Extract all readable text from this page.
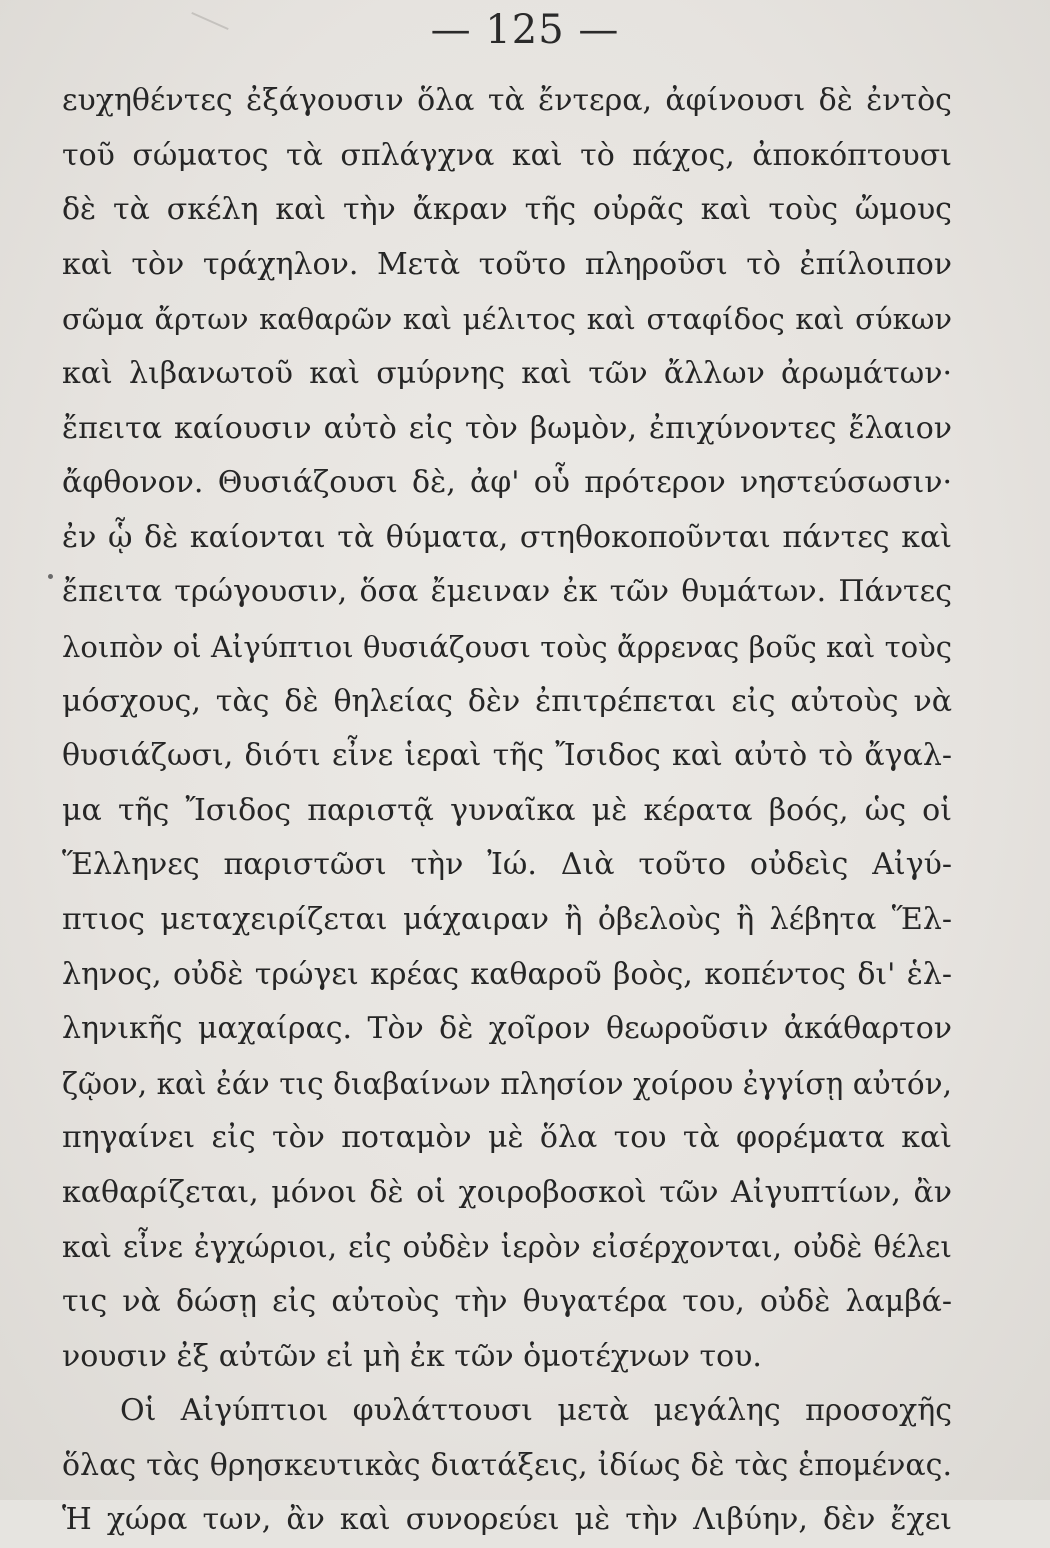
— 125 —
ευχηθέντες ἐξάγουσιν ὅλα τὰ ἔντερα, ἀφίνουσι δὲ ἐντὸς
τοῦ σώματος τὰ σπλάγχνα καὶ τὸ πάχος, ἀποκόπτουσι
δὲ τὰ σκέλη καὶ τὴν ἄκραν τῆς οὐρᾶς καὶ τοὺς ὤμους
καὶ τὸν τράχηλον. Μετὰ τοῦτο πληροῦσι τὸ ἐπίλοιπον
σῶμα ἄρτων καθαρῶν καὶ μέλιτος καὶ σταφίδος καὶ σύκων
καὶ λιβανωτοῦ καὶ σμύρνης καὶ τῶν ἄλλων ἀρωμάτων·
ἔπειτα καίουσιν αὐτὸ εἰς τὸν βωμὸν, ἐπιχύνοντες ἔλαιον
ἄφθονον. Θυσιάζουσι δὲ, ἀφ' οὗ πρότερον νηστεύσωσιν·
ἐν ᾧ δὲ καίονται τὰ θύματα, στηθοκοποῦνται πάντες καὶ
ἔπειτα τρώγουσιν, ὅσα ἔμειναν ἐκ τῶν θυμάτων. Πάντες
λοιπὸν οἱ Αἰγύπτιοι θυσιάζουσι τοὺς ἄρρενας βοῦς καὶ τοὺς
μόσχους, τὰς δὲ θηλείας δὲν ἐπιτρέπεται εἰς αὐτοὺς νὰ
θυσιάζωσι, διότι εἶνε ἱεραὶ τῆς Ἴσιδος καὶ αὐτὸ τὸ ἄγαλ-
μα τῆς Ἴσιδος παριστᾷ γυναῖκα μὲ κέρατα βοός, ὡς οἱ
Ἕλληνες παριστῶσι τὴν Ἰώ. Διὰ τοῦτο οὐδεὶς Αἰγύ-
πτιος μεταχειρίζεται μάχαιραν ἢ ὀβελοὺς ἢ λέβητα Ἕλ-
ληνος, οὐδὲ τρώγει κρέας καθαροῦ βοὸς, κοπέντος δι' ἑλ-
ληνικῆς μαχαίρας. Τὸν δὲ χοῖρον θεωροῦσιν ἀκάθαρτον
ζῷον, καὶ ἐάν τις διαβαίνων πλησίον χοίρου ἐγγίσῃ αὐτόν,
πηγαίνει εἰς τὸν ποταμὸν μὲ ὅλα του τὰ φορέματα καὶ
καθαρίζεται, μόνοι δὲ οἱ χοιροβοσκοὶ τῶν Αἰγυπτίων, ἂν
καὶ εἶνε ἐγχώριοι, εἰς οὐδὲν ἱερὸν εἰσέρχονται, οὐδὲ θέλει
τις νὰ δώσῃ εἰς αὐτοὺς τὴν θυγατέρα του, οὐδὲ λαμβά-
νουσιν ἐξ αὐτῶν εἰ μὴ ἐκ τῶν ὁμοτέχνων του.
Οἱ Αἰγύπτιοι φυλάττουσι μετὰ μεγάλης προσοχῆς
ὅλας τὰς θρησκευτικὰς διατάξεις, ἰδίως δὲ τὰς ἑπομένας.
Ἡ χώρα των, ἂν καὶ συνορεύει μὲ τὴν Λιβύην, δὲν ἔχει
